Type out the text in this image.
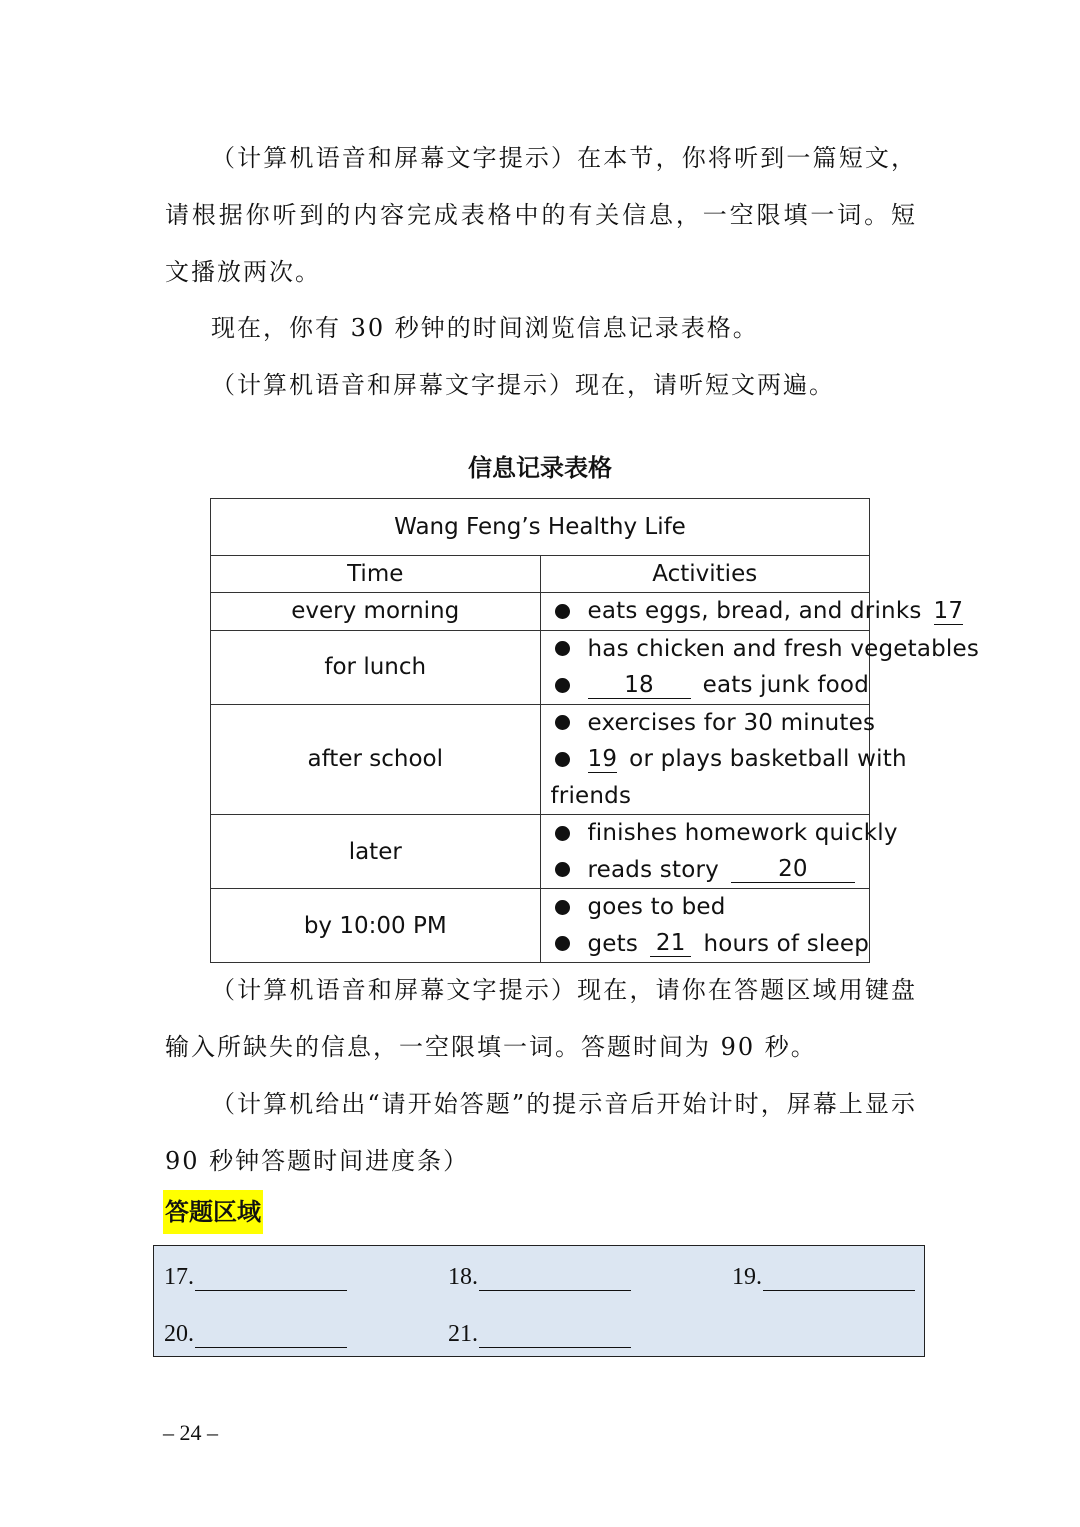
（计算机语音和屏幕文字提示）在本节，你将听到一篇短文，请根据你听到的内容完成表格中的有关信息，一空限填一词。短文播放两次。

现在，你有 30 秒钟的时间浏览信息记录表格。

（计算机语音和屏幕文字提示）现在，请听短文两遍。

信息记录表格
Wang Feng’s Healthy Life	
Time	Activities
every morning	eats eggs, bread, and drinks 17

for lunch	has chicken and fresh vegetables
18 eats junk food

after school	exercises for 30 minutes
19 or plays basketball with
friends

later	finishes homework quickly
reads story 20

by 10:00 PM	goes to bed
gets 21 hours of sleep

（计算机语音和屏幕文字提示）现在，请你在答题区域用键盘输入所缺失的信息，一空限填一词。答题时间为 90 秒。

（计算机给出“请开始答题”的提示音后开始计时，屏幕上显示 90 秒钟答题时间进度条）

答题区域
17.	18.	19.
20.	21.
– 24 –
